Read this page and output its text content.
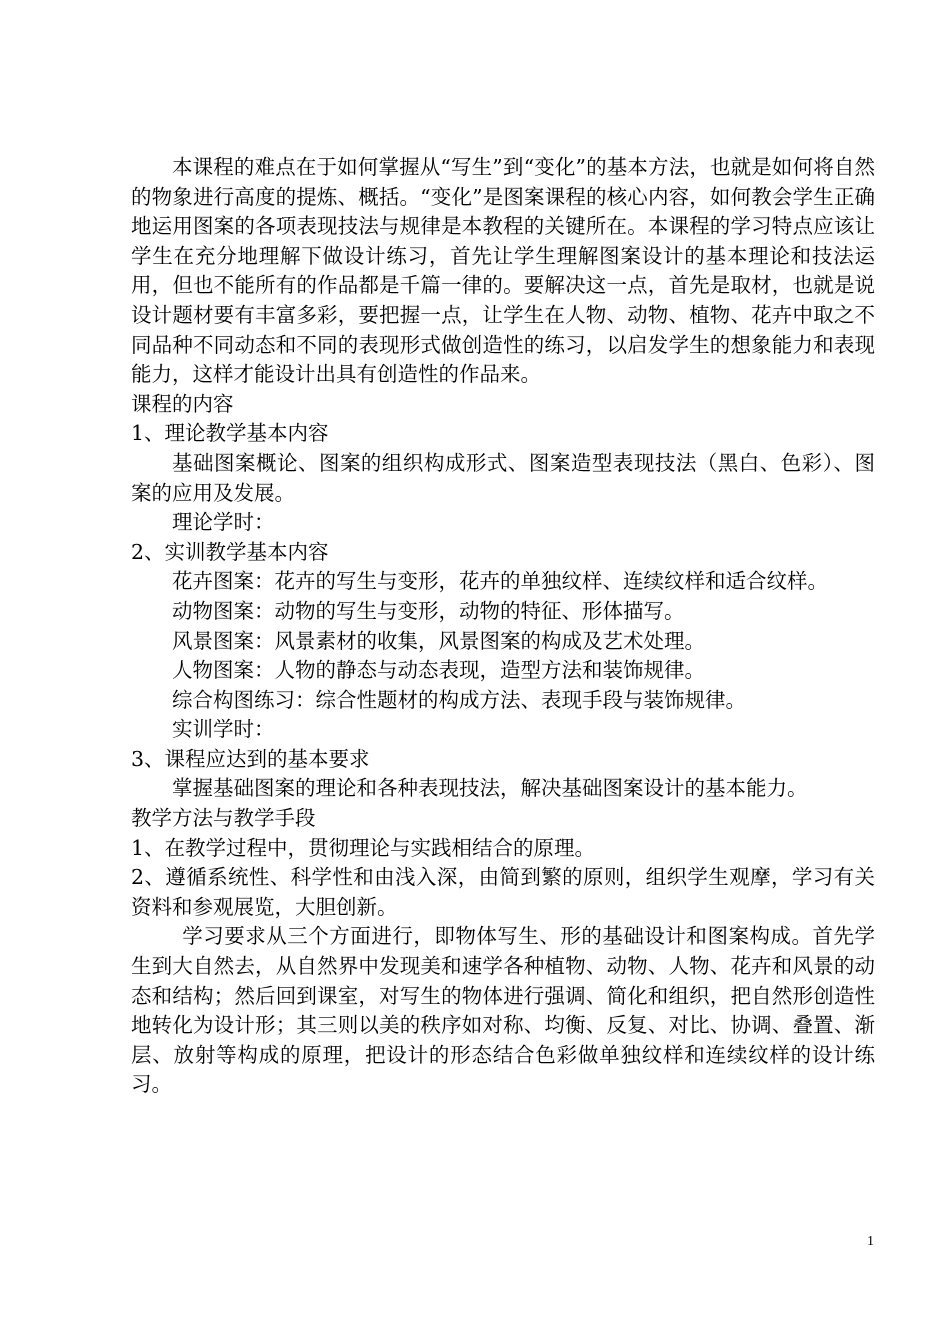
本课程的难点在于如何掌握从“写生”到“变化”的基本方法，也就是如何将自然的物象进行高度的提炼、概括。“变化”是图案课程的核心内容，如何教会学生正确地运用图案的各项表现技法与规律是本教程的关键所在。本课程的学习特点应该让学生在充分地理解下做设计练习，首先让学生理解图案设计的基本理论和技法运用，但也不能所有的作品都是千篇一律的。要解决这一点，首先是取材，也就是说设计题材要有丰富多彩，要把握一点，让学生在人物、动物、植物、花卉中取之不同品种不同动态和不同的表现形式做创造性的练习，以启发学生的想象能力和表现能力，这样才能设计出具有创造性的作品来。

课程的内容

1、理论教学基本内容

基础图案概论、图案的组织构成形式、图案造型表现技法（黑白、色彩）、图案的应用及发展。

理论学时：

2、实训教学基本内容

花卉图案：花卉的写生与变形，花卉的单独纹样、连续纹样和适合纹样。

动物图案：动物的写生与变形，动物的特征、形体描写。

风景图案：风景素材的收集，风景图案的构成及艺术处理。

人物图案：人物的静态与动态表现，造型方法和装饰规律。

综合构图练习：综合性题材的构成方法、表现手段与装饰规律。

实训学时：

3、课程应达到的基本要求

掌握基础图案的理论和各种表现技法，解决基础图案设计的基本能力。

教学方法与教学手段

1、在教学过程中，贯彻理论与实践相结合的原理。

2、遵循系统性、科学性和由浅入深，由简到繁的原则，组织学生观摩，学习有关资料和参观展览，大胆创新。

学习要求从三个方面进行，即物体写生、形的基础设计和图案构成。首先学生到大自然去，从自然界中发现美和速学各种植物、动物、人物、花卉和风景的动态和结构；然后回到课室，对写生的物体进行强调、简化和组织，把自然形创造性地转化为设计形；其三则以美的秩序如对称、均衡、反复、对比、协调、叠置、渐层、放射等构成的原理，把设计的形态结合色彩做单独纹样和连续纹样的设计练习。

1
